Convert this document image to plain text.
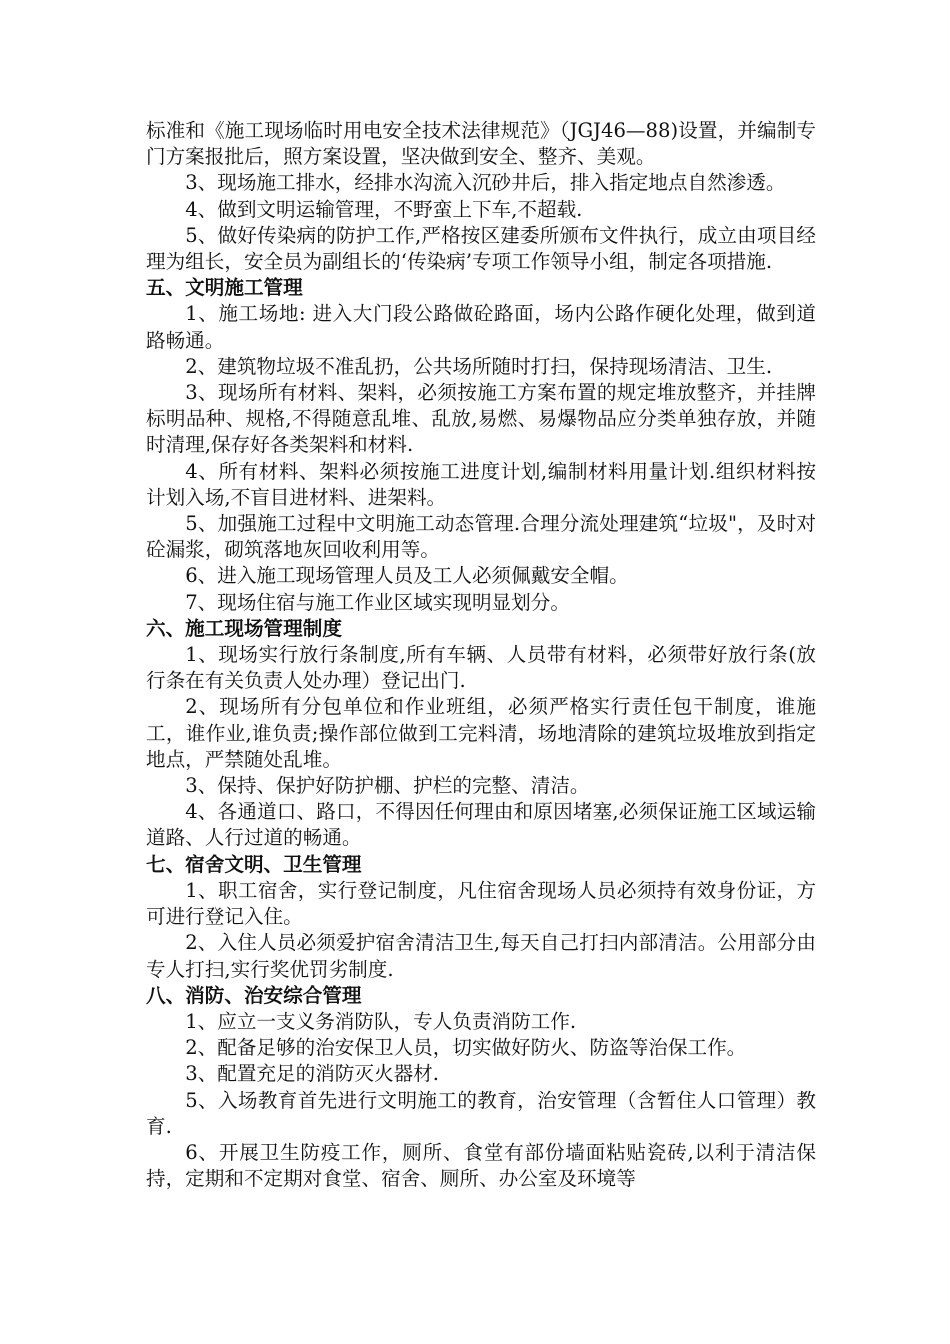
标准和《施工现场临时用电安全技术法律规范》（JGJ46—88)设置，并编制专门方案报批后，照方案设置，坚决做到安全、整齐、美观。

3、现场施工排水，经排水沟流入沉砂井后，排入指定地点自然渗透。

4、做到文明运输管理，不野蛮上下车,不超载.

5、做好传染病的防护工作,严格按区建委所颁布文件执行，成立由项目经理为组长，安全员为副组长的‘传染病’专项工作领导小组，制定各项措施.

五、文明施工管理

1、施工场地: 进入大门段公路做砼路面，场内公路作硬化处理，做到道路畅通。

2、建筑物垃圾不准乱扔，公共场所随时打扫，保持现场清洁、卫生.

3、现场所有材料、架料，必须按施工方案布置的规定堆放整齐，并挂牌标明品种、规格,不得随意乱堆、乱放,易燃、易爆物品应分类单独存放，并随时清理,保存好各类架料和材料.

4、所有材料、架料必须按施工进度计划,编制材料用量计划.组织材料按计划入场,不盲目进材料、进架料。

5、加强施工过程中文明施工动态管理.合理分流处理建筑“垃圾"，及时对砼漏浆，砌筑落地灰回收利用等。

6、进入施工现场管理人员及工人必须佩戴安全帽。

7、现场住宿与施工作业区域实现明显划分。

六、施工现场管理制度

1、现场实行放行条制度,所有车辆、人员带有材料，必须带好放行条(放行条在有关负责人处办理）登记出门.

2、现场所有分包单位和作业班组，必须严格实行责任包干制度，谁施工，谁作业,谁负责;操作部位做到工完料清，场地清除的建筑垃圾堆放到指定地点，严禁随处乱堆。

3、保持、保护好防护棚、护栏的完整、清洁。

4、各通道口、路口，不得因任何理由和原因堵塞,必须保证施工区域运输道路、人行过道的畅通。

七、宿舍文明、卫生管理

1、职工宿舍，实行登记制度，凡住宿舍现场人员必须持有效身份证，方可进行登记入住。

2、入住人员必须爱护宿舍清洁卫生,每天自己打扫内部清洁。公用部分由专人打扫,实行奖优罚劣制度.

八、消防、治安综合管理

1、应立一支义务消防队，专人负责消防工作.

2、配备足够的治安保卫人员，切实做好防火、防盗等治保工作。

3、配置充足的消防灭火器材.

5、入场教育首先进行文明施工的教育，治安管理（含暂住人口管理）教育.

6、开展卫生防疫工作，厕所、食堂有部份墙面粘贴瓷砖,以利于清洁保持，定期和不定期对食堂、宿舍、厕所、办公室及环境等
